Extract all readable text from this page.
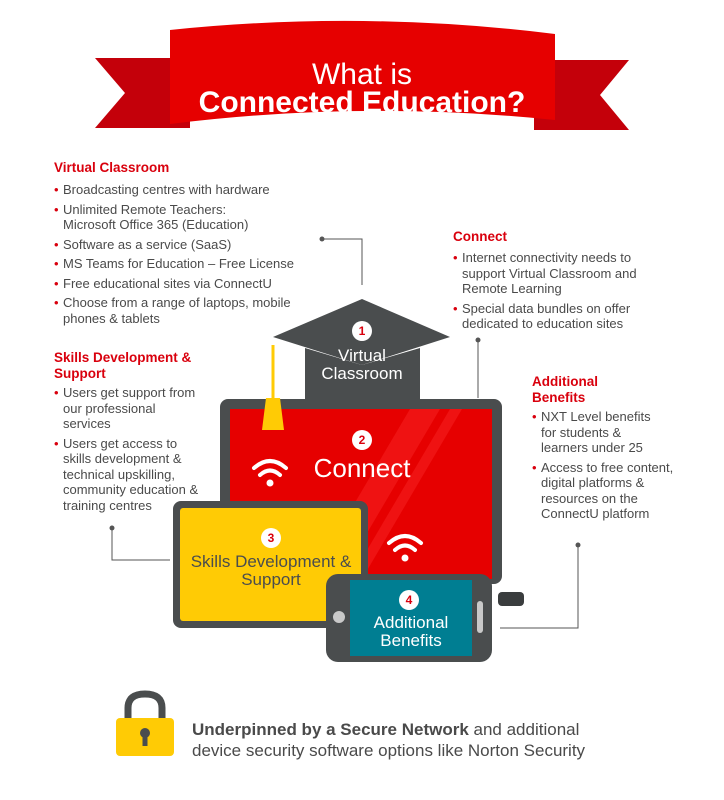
What is
Connected Education?
Virtual Classroom
• Broadcasting centres with hardware
• Unlimited Remote Teachers: Microsoft Office 365 (Education)
• Software as a service (SaaS)
• MS Teams for Education – Free License
• Free educational sites via ConnectU
• Choose from a range of laptops, mobile phones & tablets
Skills Development & Support
• Users get support from our professional services
• Users get access to skills development & technical upskilling, community education & training centres
Connect
• Internet connectivity needs to support Virtual Classroom and Remote Learning
• Special data bundles on offer dedicated to education sites
Additional Benefits
• NXT Level benefits for students & learners under 25
• Access to free content, digital platforms & resources on the ConnectU platform
1
Virtual Classroom
2
Connect
3
Skills Development & Support
4
Additional Benefits
Underpinned by a Secure Network and additional device security software options like Norton Security
